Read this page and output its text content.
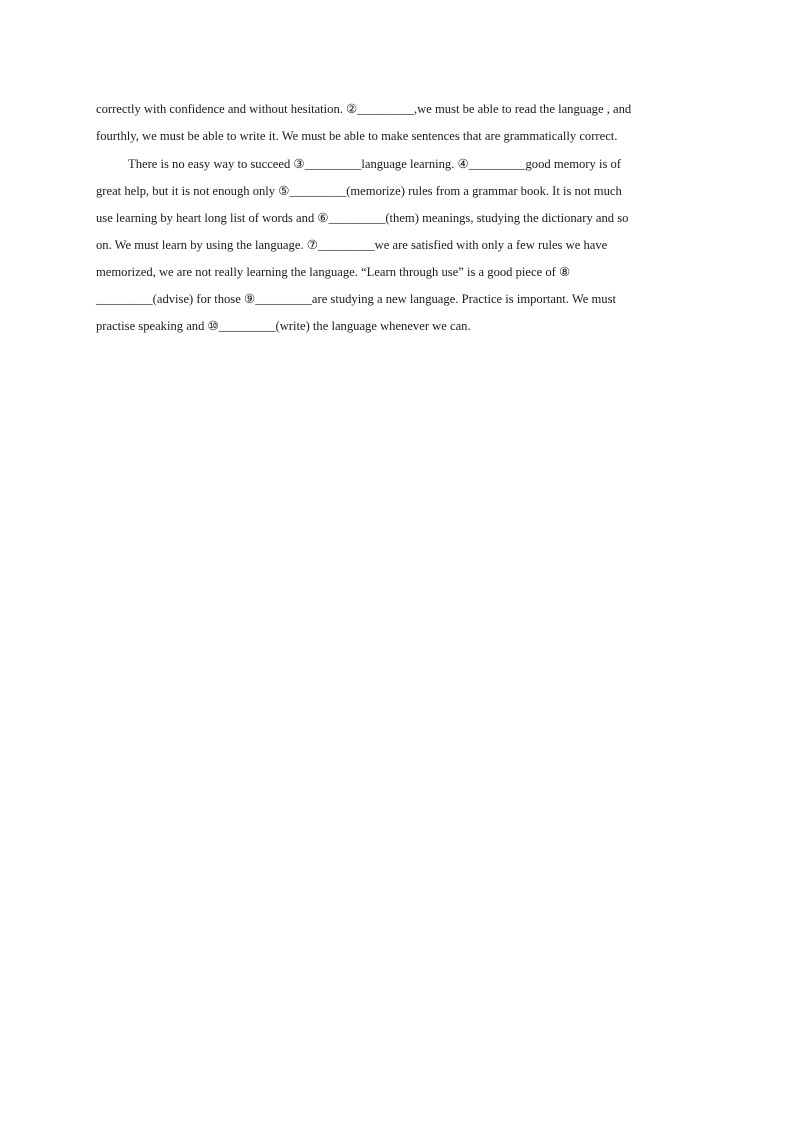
correctly with confidence and without hesitation. ②_________,we must be able to read the language , and
fourthly, we must be able to write it. We must be able to make sentences that are grammatically correct.
There is no easy way to succeed ③_________language learning. ④_________good memory is of
great help, but it is not enough only ⑤_________(memorize) rules from a grammar book. It is not much
use learning by heart long list of words and ⑥_________(them) meanings, studying the dictionary and so
on. We must learn by using the language. ⑦_________we are satisfied with only a few rules we have
memorized, we are not really learning the language. “Learn through use” is a good piece of ⑧
_________(advise) for those ⑨_________are studying a new language. Practice is important. We must
practise speaking and ⑩_________(write) the language whenever we can.
